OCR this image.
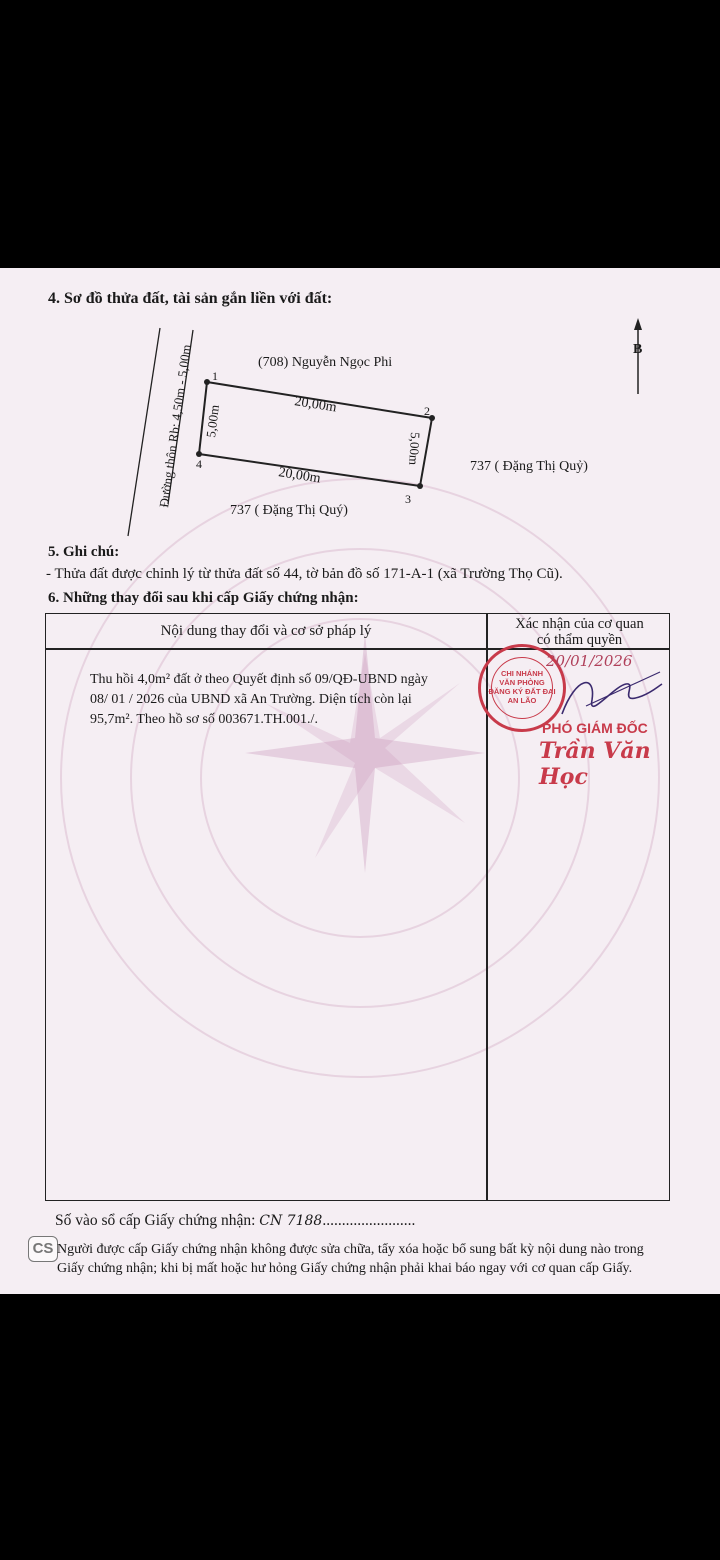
4. Sơ đồ thửa đất, tài sản gắn liền với đất:
Đường thôn Rb: 4,50m - 5,00m 1
2
3
4
20,00m
20,00m
5,00m
5,00m
(708) Nguyễn Ngọc Phi
737 ( Đặng Thị Quỷ)
737 ( Đặng Thị Quý)
B
5. Ghi chú:
- Thửa đất được chỉnh lý từ thửa đất số 44, tờ bản đồ số 171-A-1 (xã Trường Thọ Cũ).
6. Những thay đổi sau khi cấp Giấy chứng nhận:
Nội dung thay đổi và cơ sở pháp lý	Xác nhận của cơ quan
có thẩm quyền
Thu hồi 4,0m² đất ở theo Quyết định số 09/QĐ-UBND ngày
08/ 01 / 2026 của UBND xã An Trường. Diện tích còn lại
95,7m². Theo hồ sơ số 003671.TH.001./.
CHI NHÁNH
VĂN PHÒNG
ĐĂNG KÝ ĐẤT ĐAI
AN LÃO
20/01/2026
PHÓ GIÁM ĐỐC
Trần Văn Học
Số vào sổ cấp Giấy chứng nhận: CN 7188........................
CS Người được cấp Giấy chứng nhận không được sửa chữa, tẩy xóa hoặc bổ sung bất kỳ nội dung nào trong
Giấy chứng nhận; khi bị mất hoặc hư hỏng Giấy chứng nhận phải khai báo ngay với cơ quan cấp Giấy.
